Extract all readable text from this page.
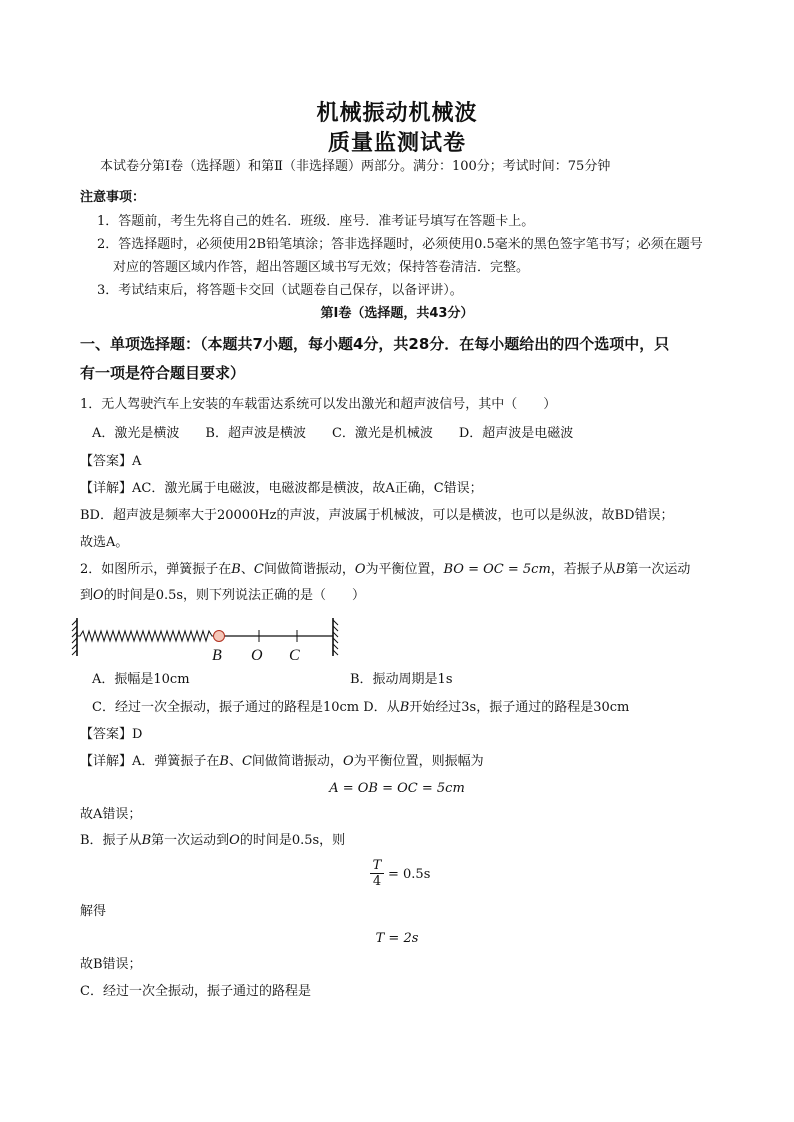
机械振动机械波
质量监测试卷
本试卷分第Ⅰ卷（选择题）和第Ⅱ（非选择题）两部分。满分：100分；考试时间：75分钟
注意事项：
1．答题前，考生先将自己的姓名．班级．座号．准考证号填写在答题卡上。
2．答选择题时，必须使用2B铅笔填涂；答非选择题时，必须使用0.5毫米的黑色签字笔书写；必须在题号
对应的答题区域内作答，超出答题区域书写无效；保持答卷清洁．完整。
3．考试结束后，将答题卡交回（试题卷自己保存，以备评讲）。
第Ⅰ卷（选择题，共43分）
一、单项选择题：（本题共7小题，每小题4分，共28分．在每小题给出的四个选项中，只
有一项是符合题目要求）
1．无人驾驶汽车上安装的车载雷达系统可以发出激光和超声波信号，其中（　　）
A．激光是横波　　B．超声波是横波　　C．激光是机械波　　D．超声波是电磁波
【答案】A
【详解】AC．激光属于电磁波，电磁波都是横波，故A正确，C错误；
BD．超声波是频率大于20000Hz的声波，声波属于机械波，可以是横波，也可以是纵波，故BD错误；
故选A。
2．如图所示，弹簧振子在B、C间做简谐振动，O为平衡位置，BO = OC = 5cm，若振子从B第一次运动
到O的时间是0.5s，则下列说法正确的是（　　）
B O C
A．振幅是10cm	B．振动周期是1s
C．经过一次全振动，振子通过的路程是10cm D．从B开始经过3s，振子通过的路程是30cm
【答案】D
【详解】A．弹簧振子在B、C间做简谐振动，O为平衡位置，则振幅为
A = OB = OC = 5cm
故A错误；
B．振子从B第一次运动到O的时间是0.5s，则
$\frac{T}{4} = 0.5s$
解得
T = 2s
故B错误；
C．经过一次全振动，振子通过的路程是
